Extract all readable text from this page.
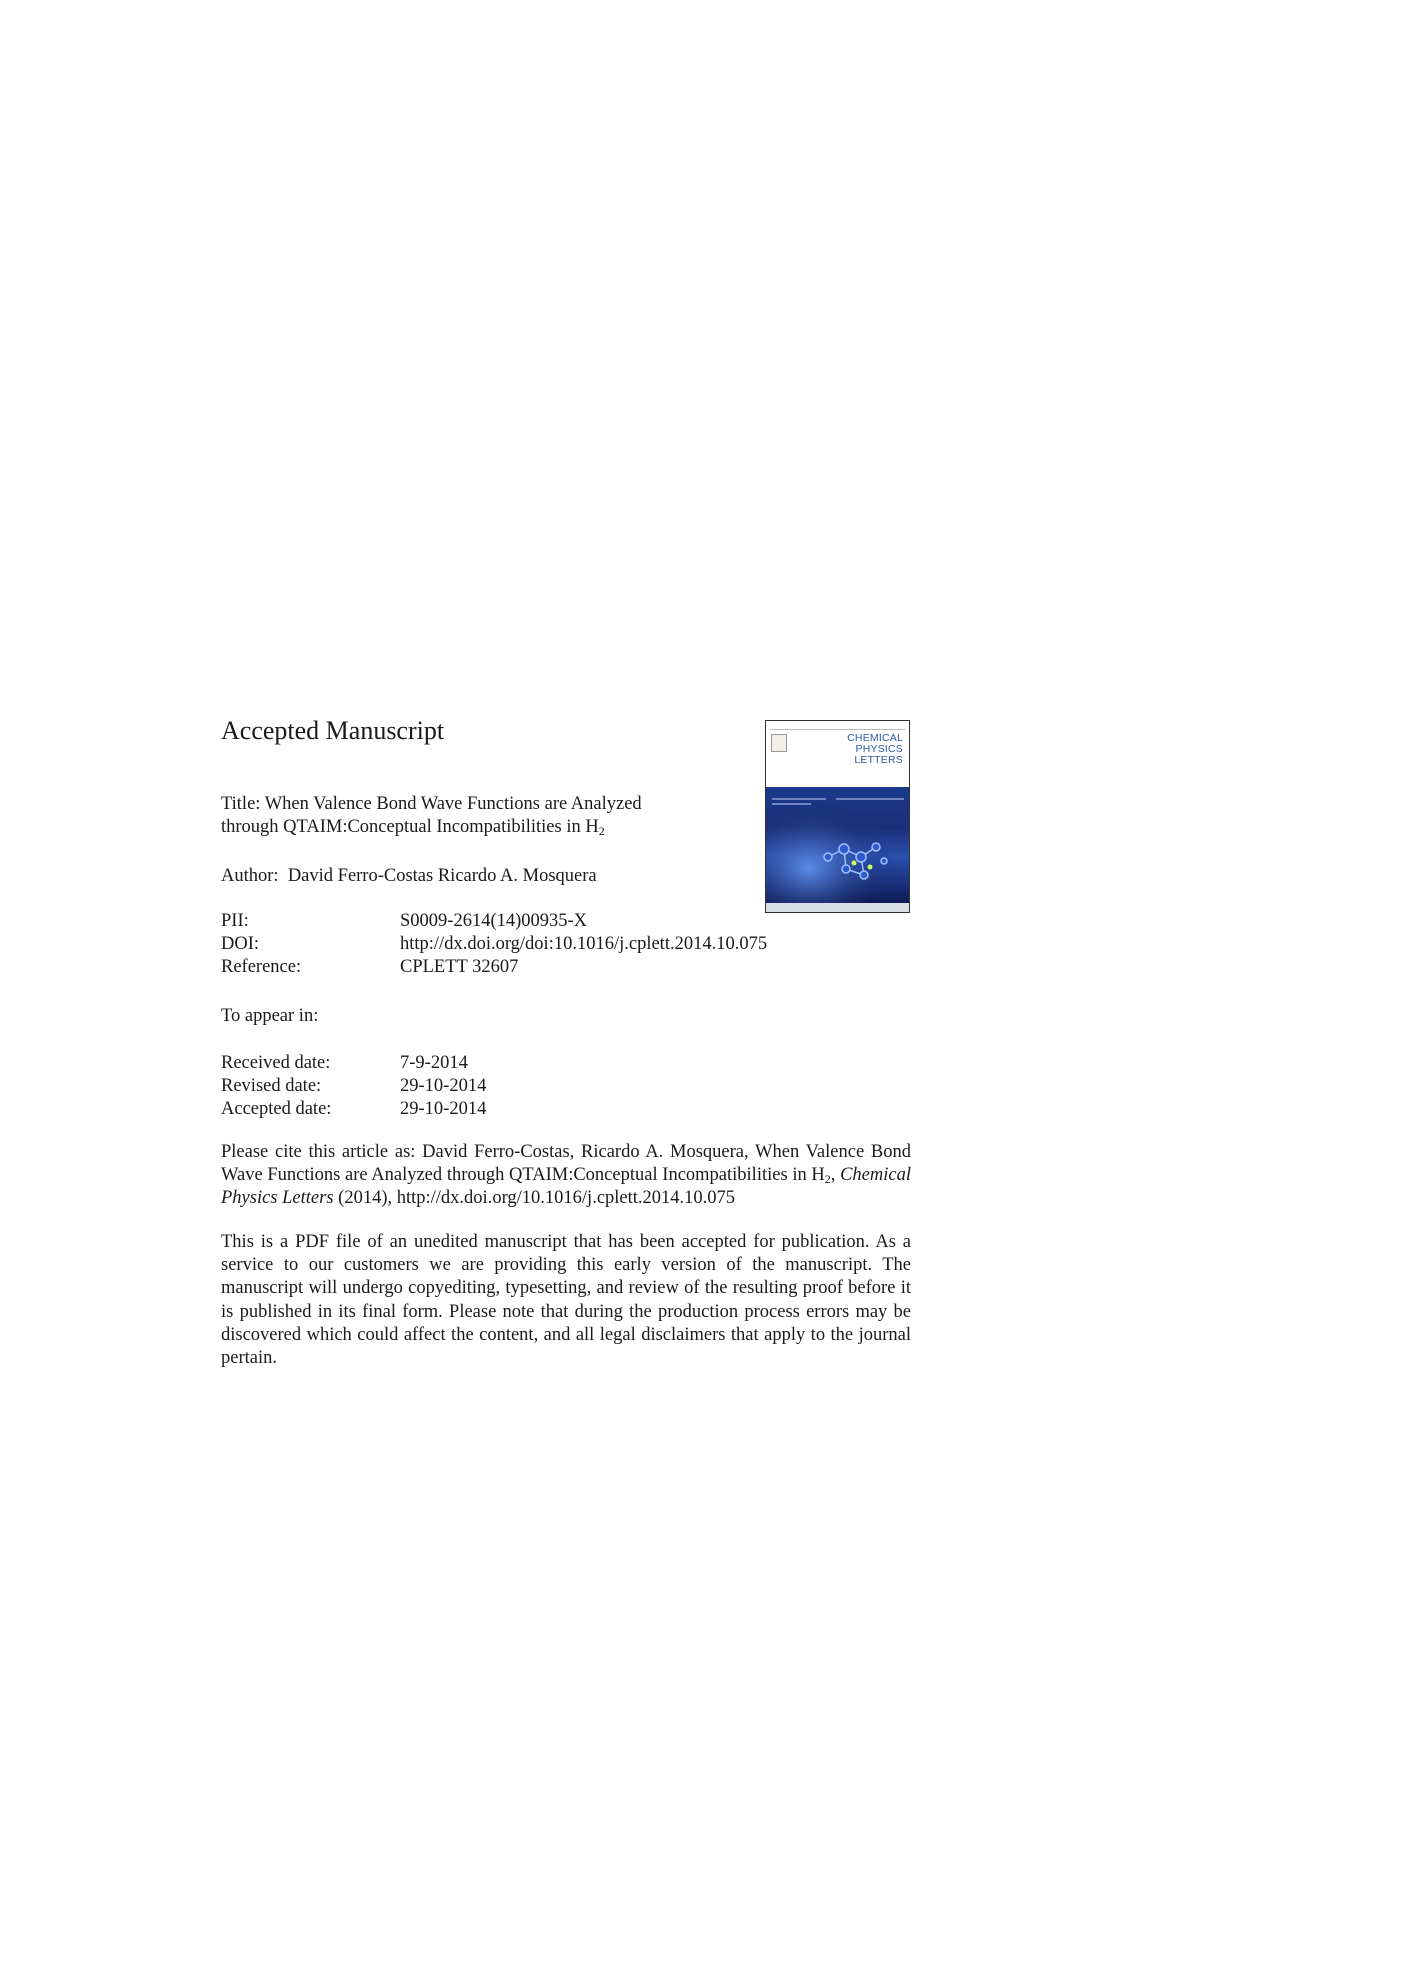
Accepted Manuscript
Title: When Valence Bond Wave Functions are Analyzed
through QTAIM:Conceptual Incompatibilities in $H_2$
Author: David Ferro-Costas Ricardo A. Mosquera
PII:	S0009-2614(14)00935-X
DOI:	http://dx.doi.org/doi:10.1016/j.cplett.2014.10.075
Reference:	CPLETT 32607
To appear in:
Received date:	7-9-2014
Revised date:	29-10-2014
Accepted date:	29-10-2014
Please cite this article as: David Ferro-Costas, Ricardo A. Mosquera, When Valence Bond Wave Functions are Analyzed through QTAIM:Conceptual Incompatibilities in $H_2$, Chemical Physics Letters (2014), http://dx.doi.org/10.1016/j.cplett.2014.10.075
This is a PDF file of an unedited manuscript that has been accepted for publication. As a service to our customers we are providing this early version of the manuscript. The manuscript will undergo copyediting, typesetting, and review of the resulting proof before it is published in its final form. Please note that during the production process errors may be discovered which could affect the content, and all legal disclaimers that apply to the journal pertain.
CHEMICAL
PHYSICS
LETTERS
